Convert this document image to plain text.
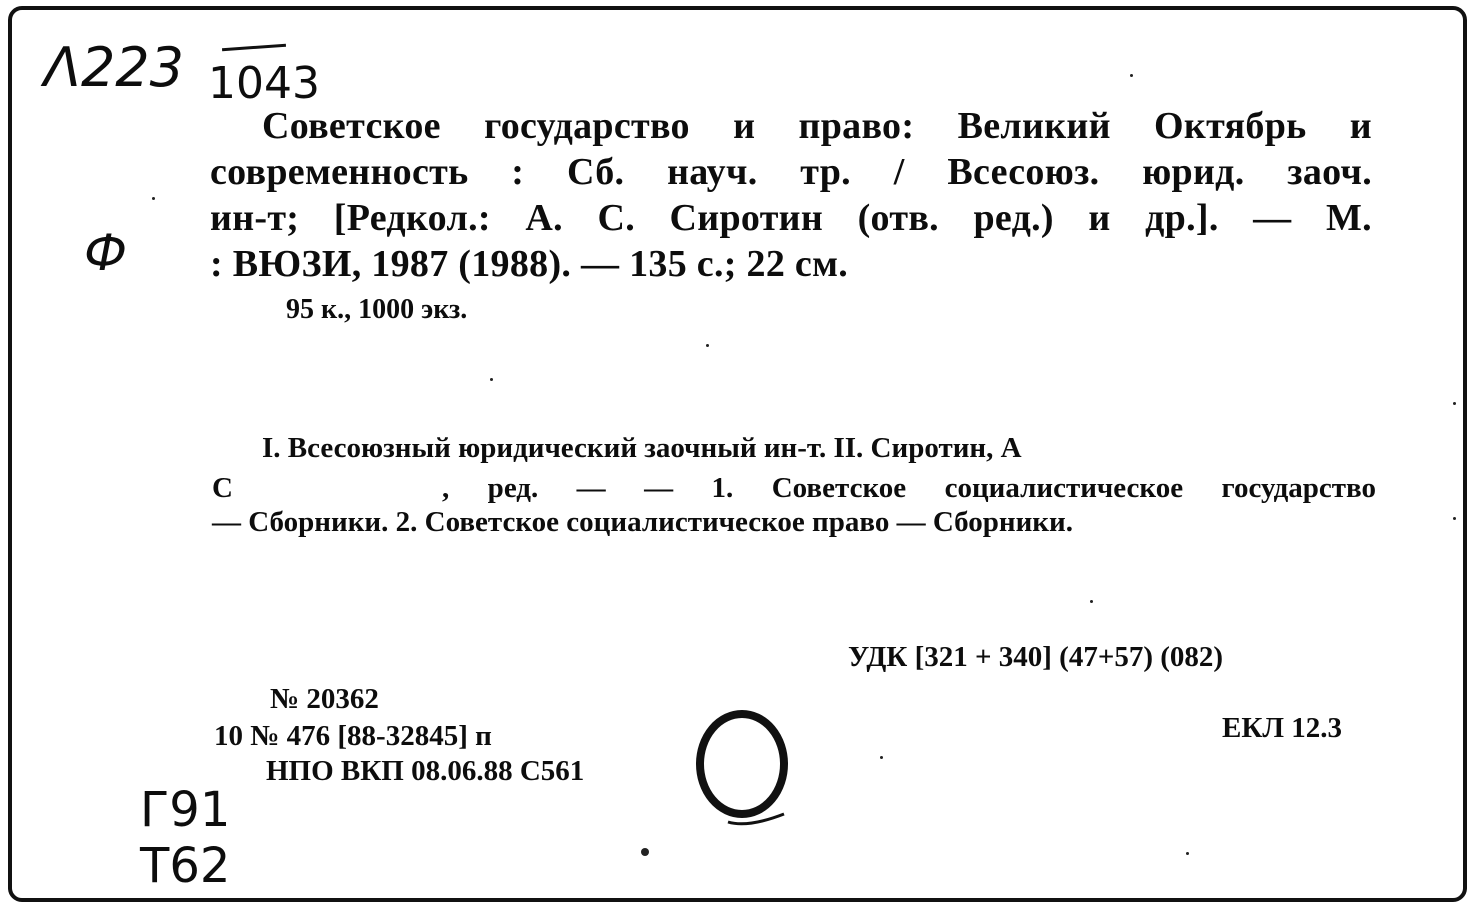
Λ223 1043
Ф
Г91
Т62
Советское государство и право: Великий Октябрь и
современность : Сб. науч. тр. / Всесоюз. юрид. заоч.
ин-т; [Редкол.: А. С. Сиротин (отв. ред.) и др.]. — М.
: ВЮЗИ, 1987 (1988). — 135 с.; 22 см.
95 к., 1000 экз.
I. Всесоюзный юридический заочный ин-т. II. Сиротин, А
С	, ред. — — 1. Советское социалистическое государство
— Сборники. 2. Советское социалистическое право — Сборники.
УДК [321 + 340] (47+57) (082)
ЕКЛ 12.3
№ 20362
10 № 476 [88-32845] п
НПО ВКП 08.06.88 С561
